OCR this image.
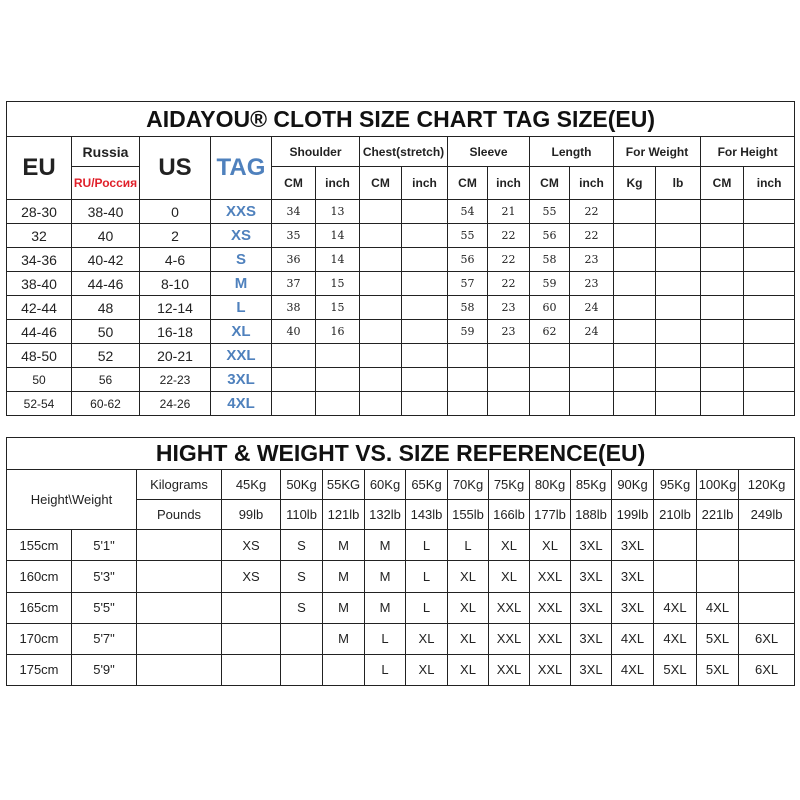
AIDAYOU® CLOTH SIZE CHART TAG SIZE(EU)															
EU	Russia	US	TAG	Shoulder		Chest(stretch)		Sleeve		Length		For Weight		For Height	
	RU/Россия			CM	inch	CM	inch	CM	inch	CM	inch	Kg	lb	CM	inch
28-30	38-40	0	XXS	34	13			54	21	55	22				
32	40	2	XS	35	14			55	22	56	22				
34-36	40-42	4-6	S	36	14			56	22	58	23				
38-40	44-46	8-10	M	37	15			57	22	59	23				
42-44	48	12-14	L	38	15			58	23	60	24				
44-46	50	16-18	XL	40	16			59	23	62	24				
48-50	52	20-21	XXL												
50	56	22-23	3XL												
52-54	60-62	24-26	4XL												
HIGHT & WEIGHT VS. SIZE REFERENCE(EU)															
Height\Weight		Kilograms	45Kg	50Kg	55KG	60Kg	65Kg	70Kg	75Kg	80Kg	85Kg	90Kg	95Kg	100Kg	120Kg
		Pounds	99lb	110lb	121lb	132lb	143lb	155lb	166lb	177lb	188lb	199lb	210lb	221lb	249lb
155cm	5'1"		XS	S	M	M	L	L	XL	XL	3XL	3XL			
160cm	5'3"		XS	S	M	M	L	XL	XL	XXL	3XL	3XL			
165cm	5'5"			S	M	M	L	XL	XXL	XXL	3XL	3XL	4XL	4XL	
170cm	5'7"				M	L	XL	XL	XXL	XXL	3XL	4XL	4XL	5XL	6XL
175cm	5'9"					L	XL	XL	XXL	XXL	3XL	4XL	5XL	5XL	6XL
